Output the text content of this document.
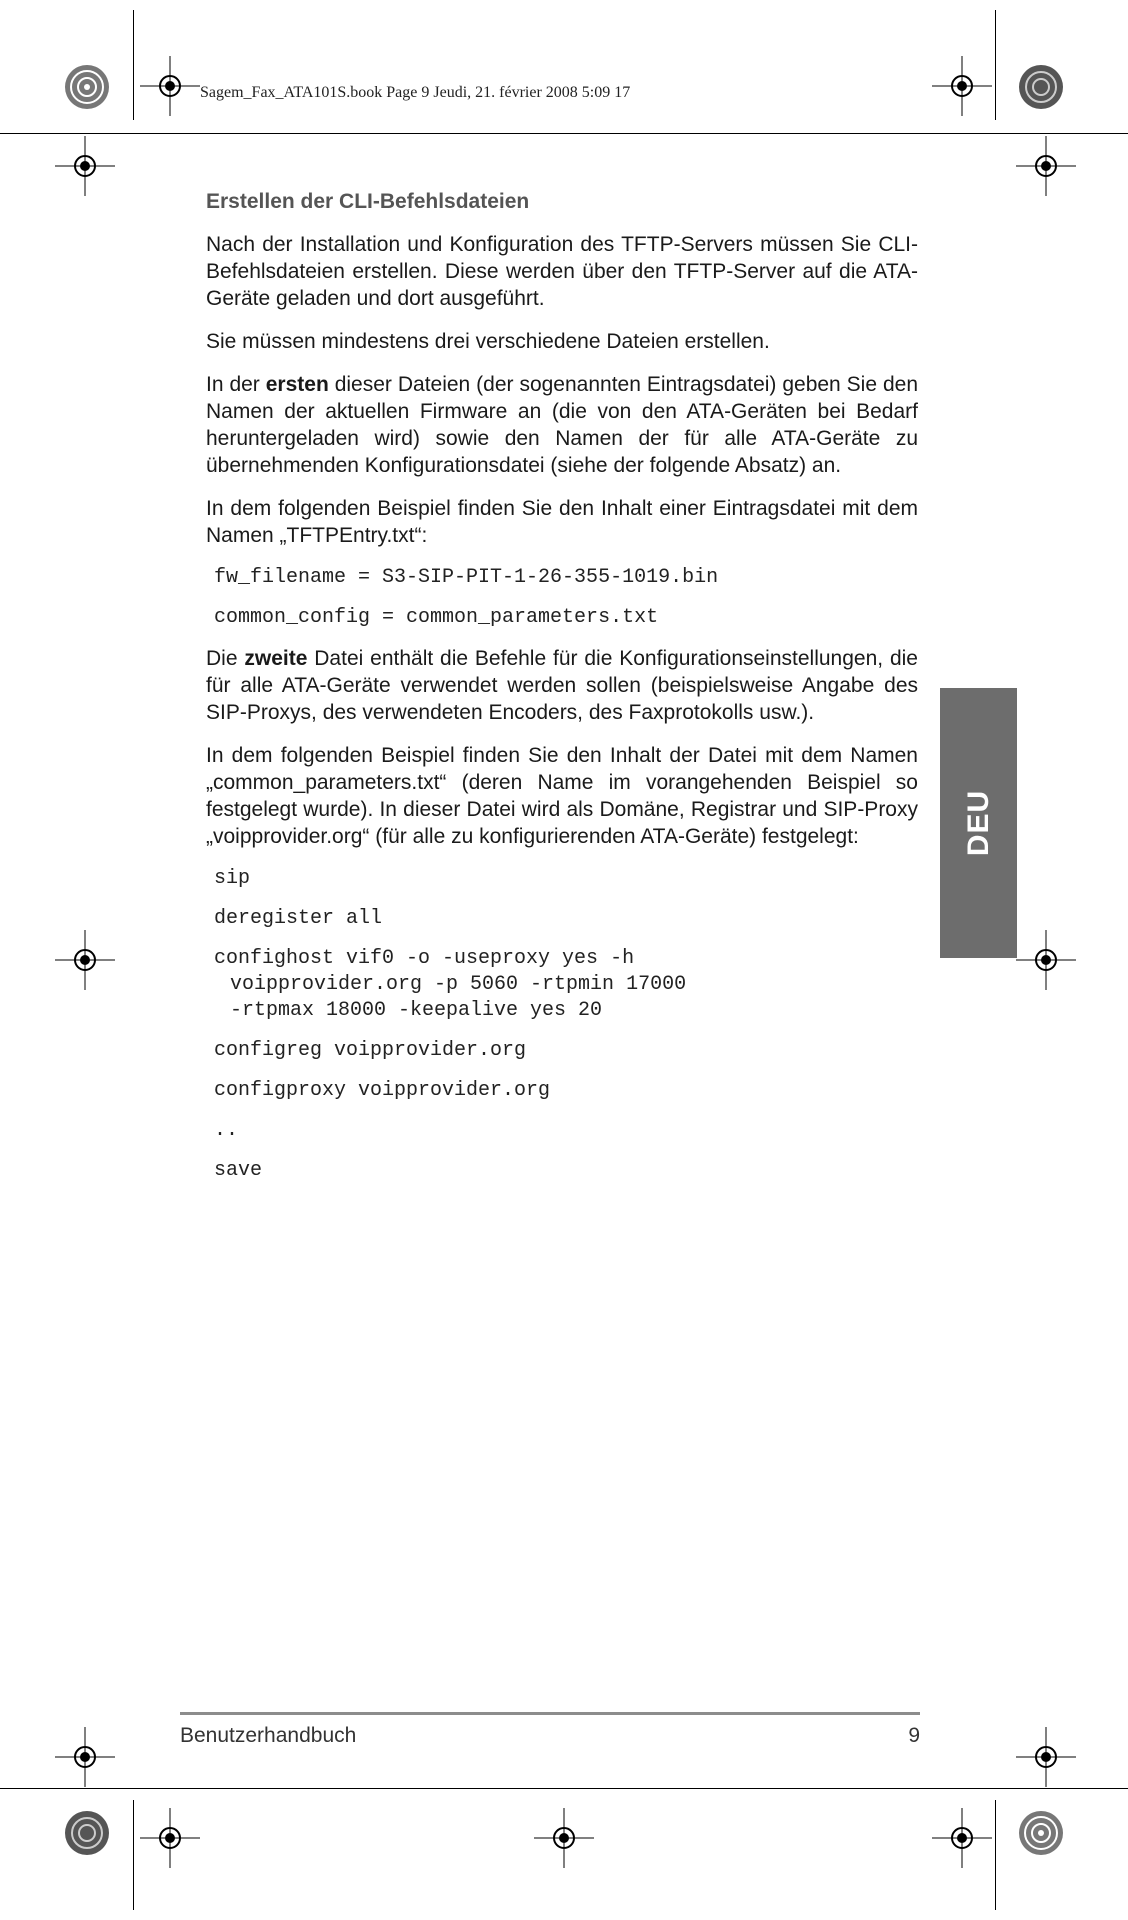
Sagem_Fax_ATA101S.book Page 9 Jeudi, 21. février 2008 5:09 17
Erstellen der CLI-Befehlsdateien

Nach der Installation und Konfiguration des TFTP-Servers müssen Sie CLI-Befehlsdateien erstellen. Diese werden über den TFTP-Server auf die ATA-Geräte geladen und dort ausgeführt.

Sie müssen mindestens drei verschiedene Dateien erstellen.

In der ersten dieser Dateien (der sogenannten Eintragsdatei) geben Sie den Namen der aktuellen Firmware an (die von den ATA-Geräten bei Bedarf heruntergeladen wird) sowie den Namen der für alle ATA-Geräte zu übernehmenden Konfigurationsdatei (siehe der folgende Absatz) an.

In dem folgenden Beispiel finden Sie den Inhalt einer Eintragsdatei mit dem Namen „TFTPEntry.txt“:

fw_filename = S3-SIP-PIT-1-26-355-1019.bin
common_config = common_parameters.txt

Die zweite Datei enthält die Befehle für die Konfigurationseinstellungen, die für alle ATA-Geräte verwendet werden sollen (beispielsweise Angabe des SIP-Proxys, des verwendeten Encoders, des Faxprotokolls usw.).

In dem folgenden Beispiel finden Sie den Inhalt der Datei mit dem Namen „common_parameters.txt“ (deren Name im vorangehenden Beispiel so festgelegt wurde). In dieser Datei wird als Domäne, Registrar und SIP-Proxy „voipprovider.org“ (für alle zu konfigurierenden ATA-Geräte) festgelegt:

sip
deregister all
confighost vif0 -o -useproxy yes -h
voipprovider.org -p 5060 -rtpmin 17000
-rtpmax 18000 -keepalive yes 20
configreg voipprovider.org
configproxy voipprovider.org
..
save
DEU
Benutzerhandbuch	9
